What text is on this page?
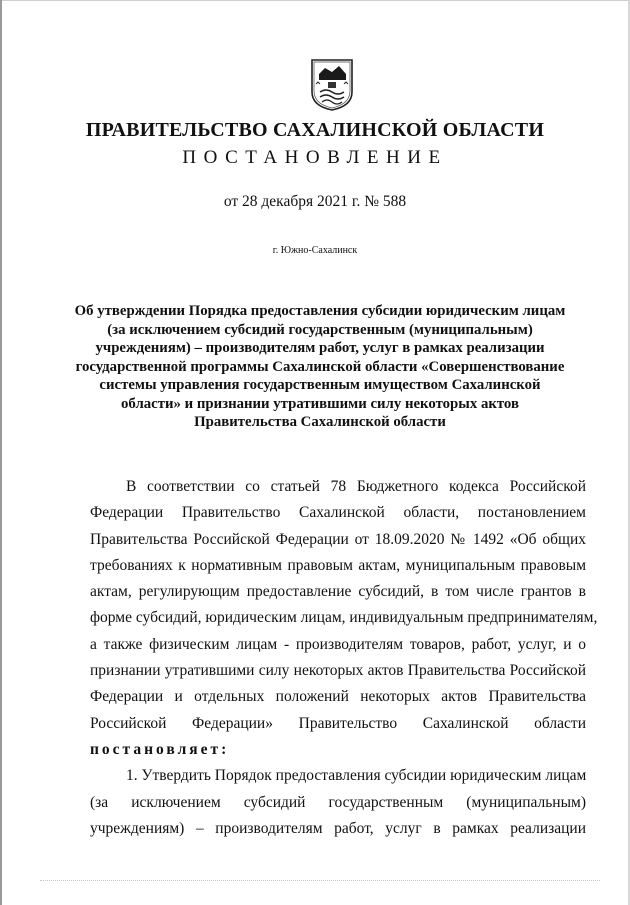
ПРАВИТЕЛЬСТВО САХАЛИНСКОЙ ОБЛАСТИ
ПОСТАНОВЛЕНИЕ
от 28 декабря 2021 г. № 588
г. Южно-Сахалинск
Об утверждении Порядка предоставления субсидии юридическим лицам
(за исключением субсидий государственным (муниципальным)
учреждениям) – производителям работ, услуг в рамках реализации
государственной программы Сахалинской области «Совершенствование
системы управления государственным имуществом Сахалинской
области» и признании утратившими силу некоторых актов
Правительства Сахалинской области
В соответствии со статьей 78 Бюджетного кодекса Российской
Федерации Правительство Сахалинской области, постановлением
Правительства Российской Федерации от 18.09.2020 № 1492 «Об общих
требованиях к нормативным правовым актам, муниципальным правовым
актам, регулирующим предоставление субсидий, в том числе грантов в
форме субсидий, юридическим лицам, индивидуальным предпринимателям,
а также физическим лицам - производителям товаров, работ, услуг, и о
признании утратившими силу некоторых актов Правительства Российской
Федерации и отдельных положений некоторых актов Правительства
Российской Федерации» Правительство Сахалинской области
постановляет:
1. Утвердить Порядок предоставления субсидии юридическим лицам
(за исключением субсидий государственным (муниципальным)
учреждениям) – производителям работ, услуг в рамках реализации
